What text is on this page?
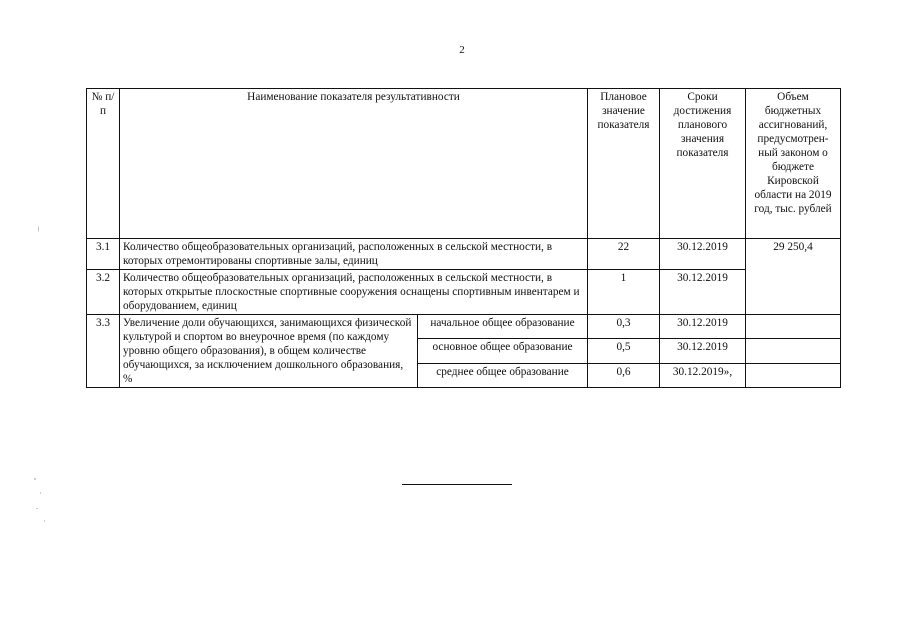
2
№ п/п	Наименование показателя результативности		Плановое значение показателя	Сроки достижения планового значения показателя	Объем бюджетных ассигнований, предусмотрен-ный законом о бюджете Кировской области на 2019 год, тыс. рублей
3.1	Количество общеобразовательных организаций, расположенных в сельской местности, в которых отремонтированы спортивные залы, единиц		22	30.12.2019	29 250,4
3.2	Количество общеобразовательных организаций, расположенных в сельской местности, в которых открытые плоскостные спортивные сооружения оснащены спортивным инвентарем и оборудованием, единиц		1	30.12.2019	
3.3	Увеличение доли обучающихся, занимающихся физической культурой и спортом во внеурочное время (по каждому уровню общего образования), в общем количестве обучающихся, за исключением дошкольного образования, %	начальное общее образование	0,3	30.12.2019	
		основное общее образование	0,5	30.12.2019	
		среднее общее образование	0,6	30.12.2019»,	
